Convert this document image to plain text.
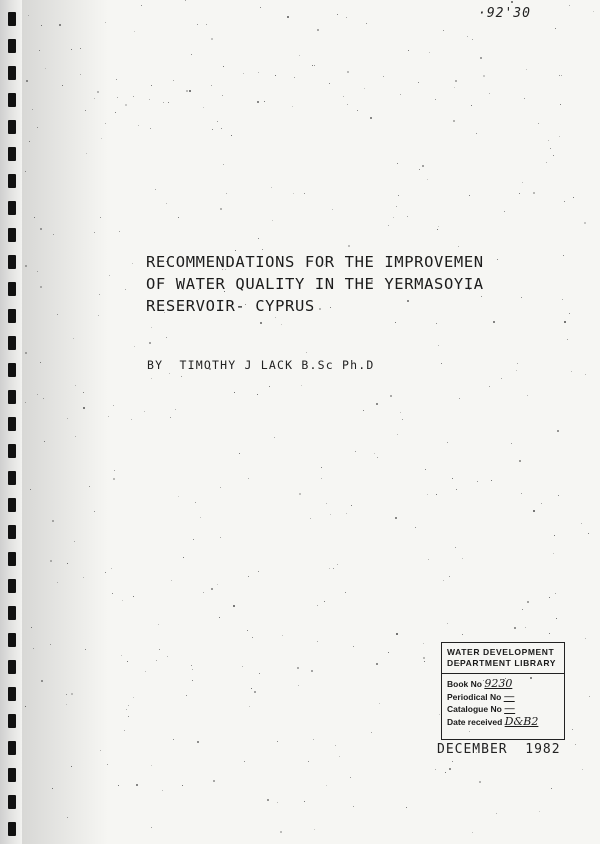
·92'30
RECOMMENDATIONS FOR THE IMPROVEMEN
OF WATER QUALITY IN THE YERMASOYIA
RESERVOIR- CYPRUS
BY  TIMOTHY J LACK B.Sc Ph.D
WATER DEVELOPMENT
DEPARTMENT LIBRARY
Book No 9230
Periodical No —
Catalogue No —
Date received D&B2
DECEMBER  1982
